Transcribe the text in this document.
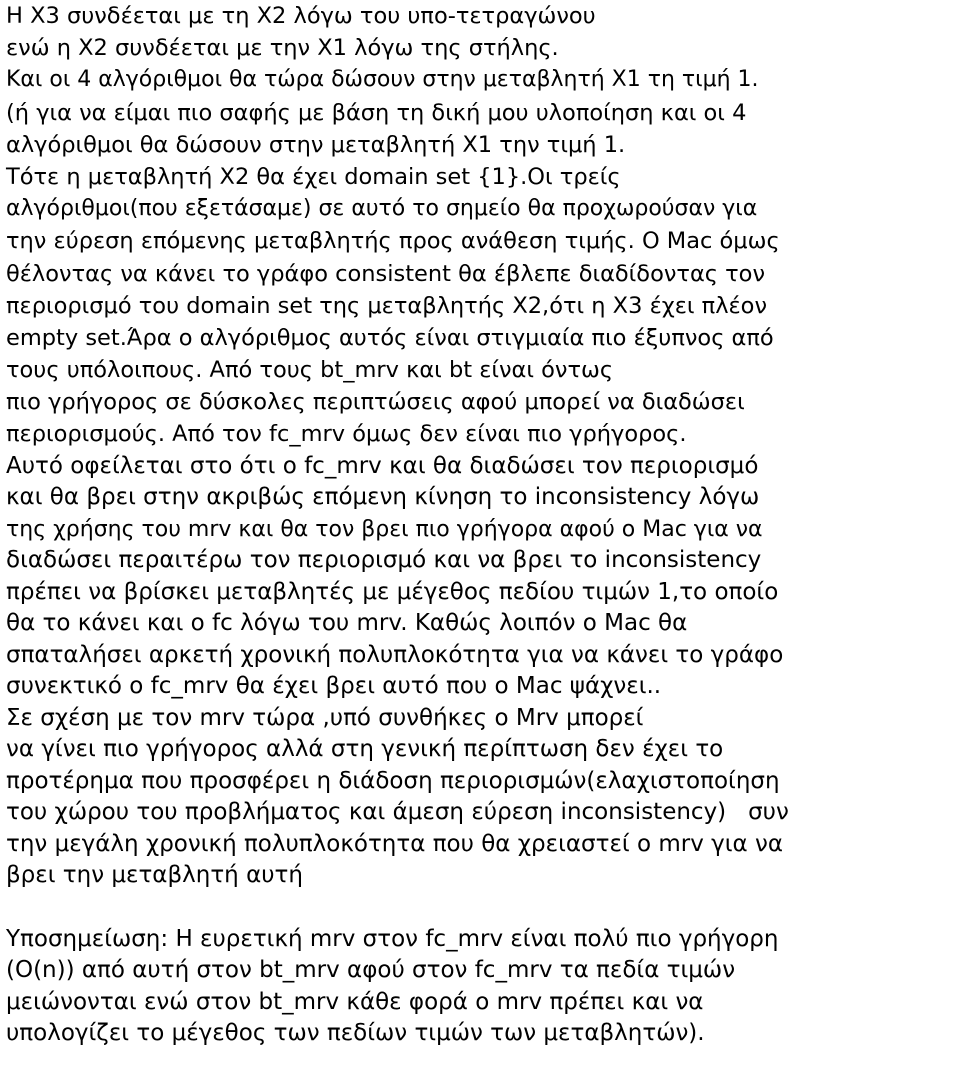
Η Χ3 συνδέεται με τη Χ2 λόγω του υπο-τετραγώνου
ενώ η Χ2 συνδέεται με την Χ1 λόγω της στήλης.
Και οι 4 αλγόριθμοι θα τώρα δώσουν στην μεταβλητή Χ1 τη τιμή 1.
(ή για να είμαι πιο σαφής με βάση τη δική μου υλοποίηση και οι 4
αλγόριθμοι θα δώσουν στην μεταβλητή Χ1 την τιμή 1.
Τότε η μεταβλητή Χ2 θα έχει domain set {1}.Οι τρείς
αλγόριθμοι(που εξετάσαμε) σε αυτό το σημείο θα προχωρούσαν για
την εύρεση επόμενης μεταβλητής προς ανάθεση τιμής. Ο Mac όμως
θέλοντας να κάνει το γράφο consistent θα έβλεπε διαδίδοντας τον
περιορισμό του domain set της μεταβλητής Χ2,ότι η Χ3 έχει πλέον
empty set.Άρα ο αλγόριθμος αυτός είναι στιγμιαία πιο έξυπνος από
τους υπόλοιπους. Από τους bt_mrv και bt είναι όντως
πιο γρήγορος σε δύσκολες περιπτώσεις αφού μπορεί να διαδώσει
περιορισμούς. Από τον fc_mrv όμως δεν είναι πιο γρήγορος.
Αυτό οφείλεται στο ότι ο fc_mrv και θα διαδώσει τον περιορισμό
και θα βρει στην ακριβώς επόμενη κίνηση το inconsistency λόγω
της χρήσης του mrv και θα τον βρει πιο γρήγορα αφού ο Mac για να
διαδώσει περαιτέρω τον περιορισμό και να βρει το inconsistency
πρέπει να βρίσκει μεταβλητές με μέγεθος πεδίου τιμών 1,το οποίο
θα το κάνει και ο fc λόγω του mrv. Καθώς λοιπόν ο Mac θα
σπαταλήσει αρκετή χρονική πολυπλοκότητα για να κάνει το γράφο
συνεκτικό ο fc_mrv θα έχει βρει αυτό που ο Mac ψάχνει..
Σε σχέση με τον mrv τώρα ,υπό συνθήκες ο Mrv μπορεί
να γίνει πιο γρήγορος αλλά στη γενική περίπτωση δεν έχει το
προτέρημα που προσφέρει η διάδοση περιορισμών(ελαχιστοποίηση
του χώρου του προβλήματος και άμεση εύρεση inconsistency)   συν
την μεγάλη χρονική πολυπλοκότητα που θα χρειαστεί ο mrv για να
βρει την μεταβλητή αυτή
Υποσημείωση: Η ευρετική mrv στον fc_mrv είναι πολύ πιο γρήγορη
(O(n)) από αυτή στον bt_mrv αφού στον fc_mrv τα πεδία τιμών
μειώνονται ενώ στον bt_mrv κάθε φορά ο mrv πρέπει και να
υπολογίζει το μέγεθος των πεδίων τιμών των μεταβλητών).
